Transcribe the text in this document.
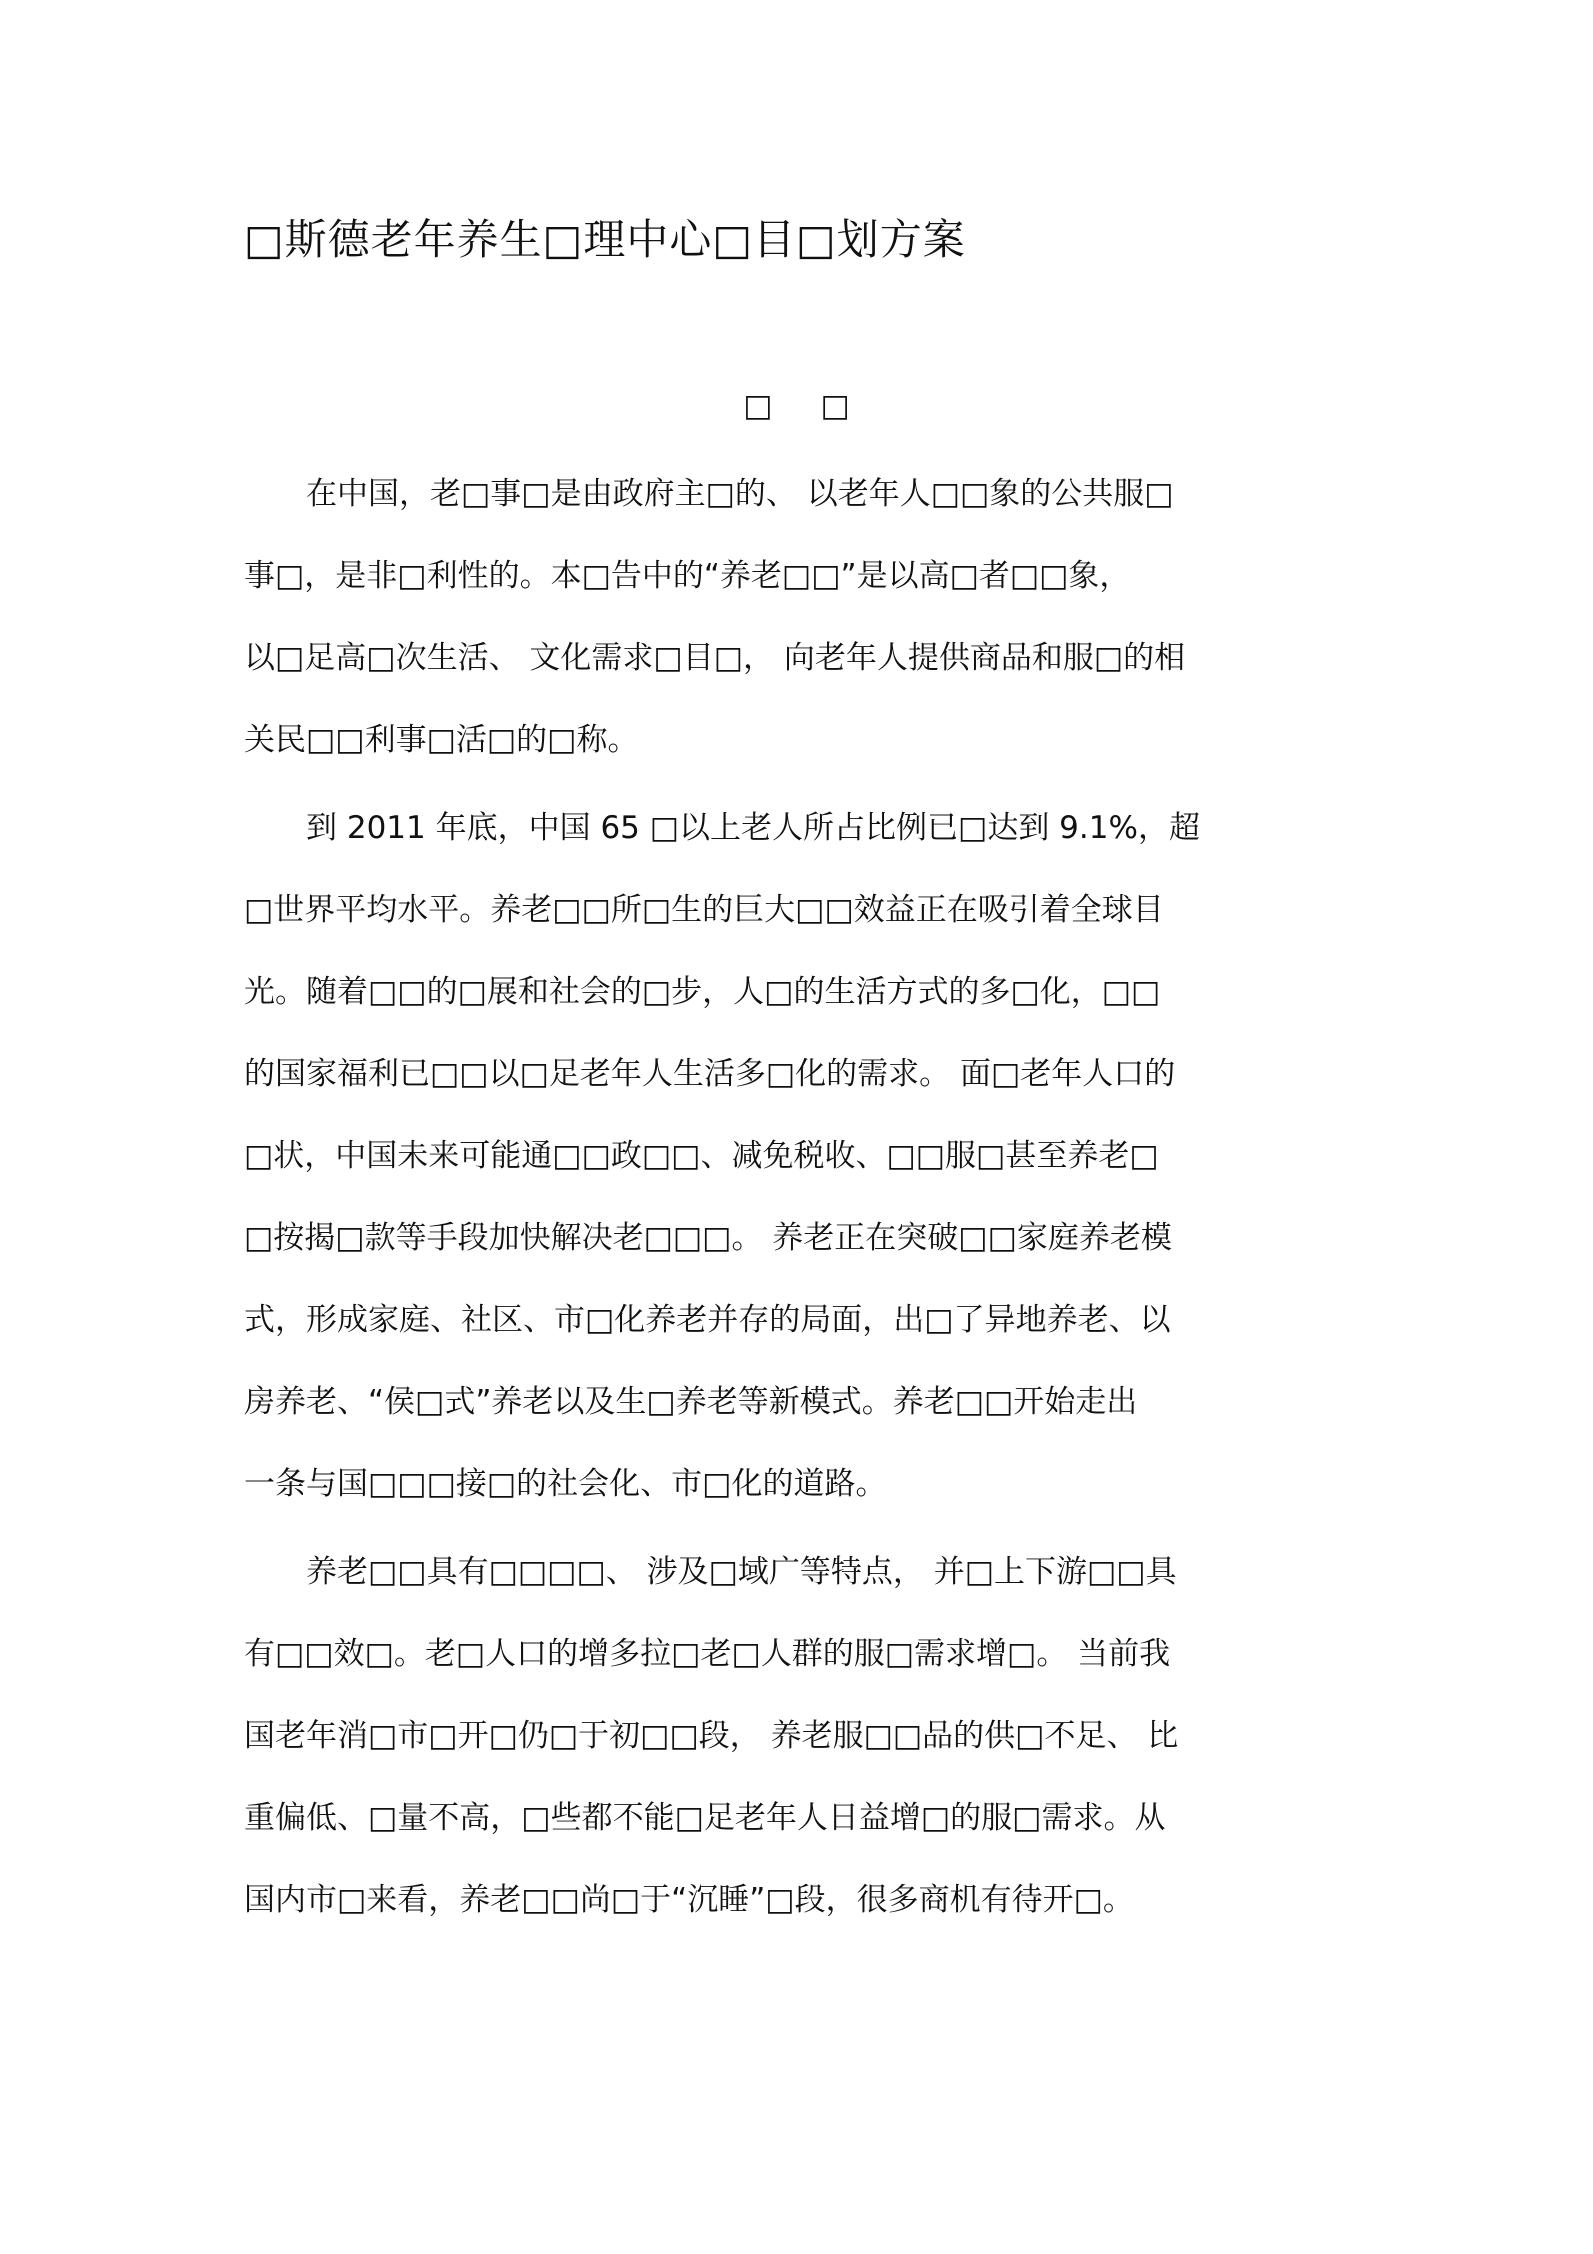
□斯德老年养生□理中心□目□划方案
□ □

　　在中国，老□事□是由政府主□的、 以老年人□□象的公共服□

事□，是非□利性的。本□告中的“养老□□”是以高□者□□象，

以□足高□次生活、 文化需求□目□， 向老年人提供商品和服□的相

关民□□利事□活□的□称。

　　到 2011 年底，中国 65 □以上老人所占比例已□达到 9.1%，超

□世界平均水平。养老□□所□生的巨大□□效益正在吸引着全球目

光。随着□□的□展和社会的□步，人□的生活方式的多□化，□□

的国家福利已□□以□足老年人生活多□化的需求。 面□老年人口的

□状，中国未来可能通□□政□□、减免税收、□□服□甚至养老□

□按揭□款等手段加快解决老□□□。 养老正在突破□□家庭养老模

式，形成家庭、社区、市□化养老并存的局面，出□了异地养老、以

房养老、“侯□式”养老以及生□养老等新模式。养老□□开始走出

一条与国□□□接□的社会化、市□化的道路。

　　养老□□具有□□□□、 涉及□域广等特点， 并□上下游□□具

有□□效□。老□人口的增多拉□老□人群的服□需求增□。 当前我

国老年消□市□开□仍□于初□□段， 养老服□□品的供□不足、 比

重偏低、□量不高，□些都不能□足老年人日益增□的服□需求。从

国内市□来看，养老□□尚□于“沉睡”□段，很多商机有待开□。
